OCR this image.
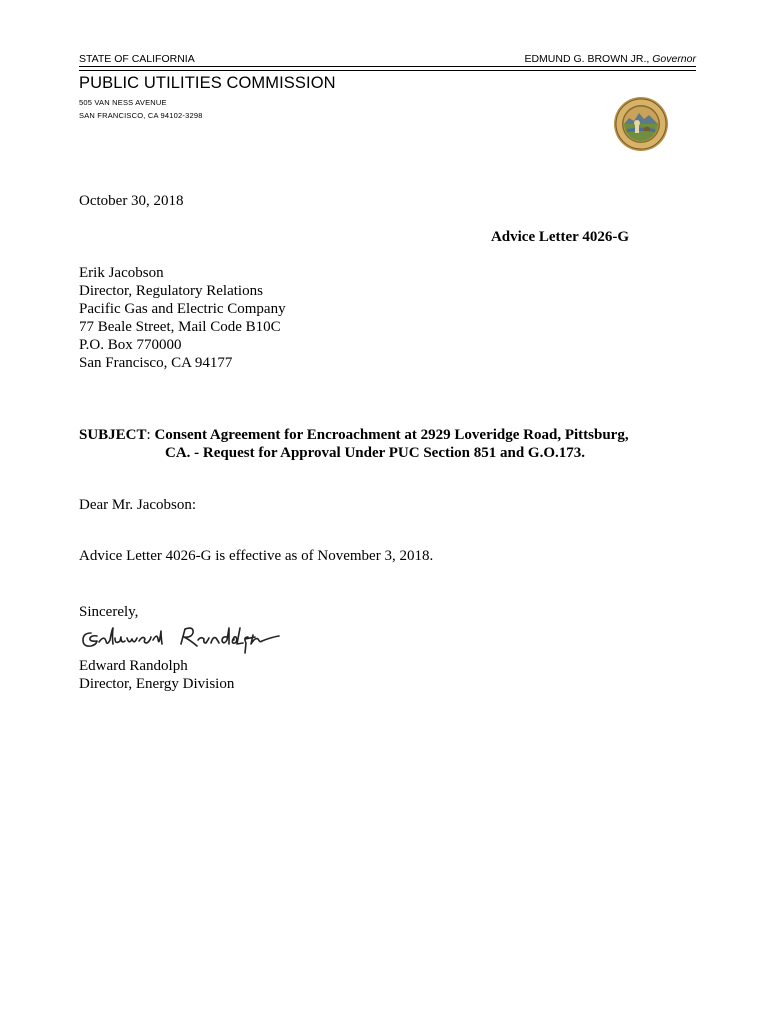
STATE OF CALIFORNIA	EDMUND G. BROWN JR., Governor
PUBLIC UTILITIES COMMISSION
505 VAN NESS AVENUE
SAN FRANCISCO, CA 94102-3298
October 30, 2018
Advice Letter 4026-G
Erik Jacobson
Director, Regulatory Relations
Pacific Gas and Electric Company
77 Beale Street, Mail Code B10C
P.O. Box 770000
San Francisco, CA 94177
SUBJECT: Consent Agreement for Encroachment at 2929 Loveridge Road, Pittsburg,
CA. - Request for Approval Under PUC Section 851 and G.O.173.
Dear Mr. Jacobson:
Advice Letter 4026-G is effective as of November 3, 2018.
Sincerely,
Edward Randolph
Director, Energy Division
